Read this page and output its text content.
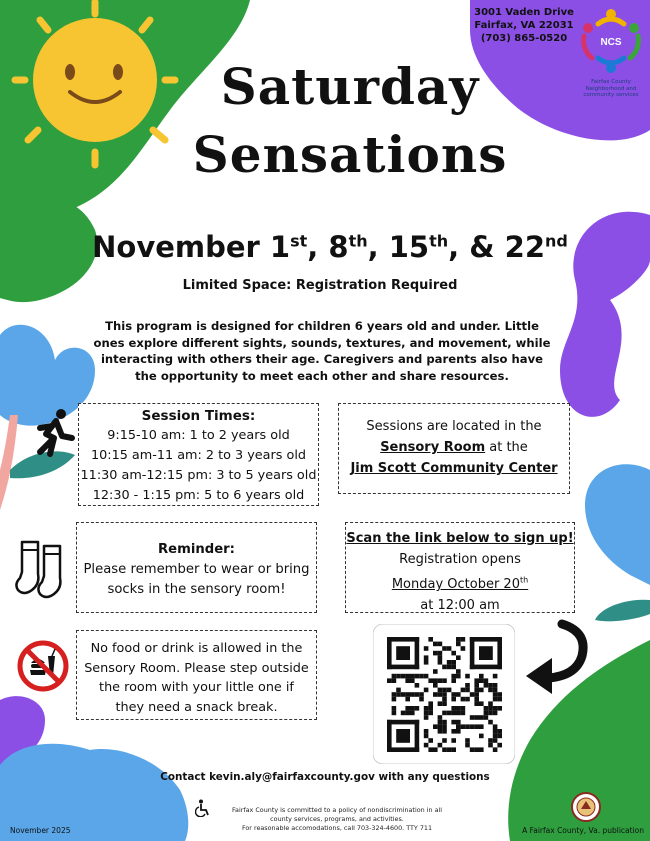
3001 Vaden Drive
Fairfax, VA 22031
(703) 865-0520	NCS
Fairfax County
Neighborhood and
community services
Saturday
Sensations
November 1st, 8th, 15th, & 22nd
Limited Space: Registration Required
This program is designed for children 6 years old and under. Little ones explore different sights, sounds, textures, and movement, while interacting with others their age. Caregivers and parents also have the opportunity to meet each other and share resources.
Session Times:
9:15-10 am: 1 to 2 years old
10:15 am-11 am: 2 to 3 years old
11:30 am-12:15 pm: 3 to 5 years old
12:30 - 1:15 pm: 5 to 6 years old
Sessions are located in the
Sensory Room at the
Jim Scott Community Center
Reminder:
Please remember to wear or bring socks in the sensory room!
Scan the link below to sign up!
Registration opens
Monday October 20th
at 12:00 am
No food or drink is allowed in the Sensory Room. Please step outside the room with your little one if they need a snack break.
Contact kevin.aly@fairfaxcounty.gov with any questions
Fairfax County is committed to a policy of nondiscrimination in all
county services, programs, and activities.
For reasonable accomodations, call 703-324-4600. TTY 711
November 2025	A Fairfax County, Va. publication
